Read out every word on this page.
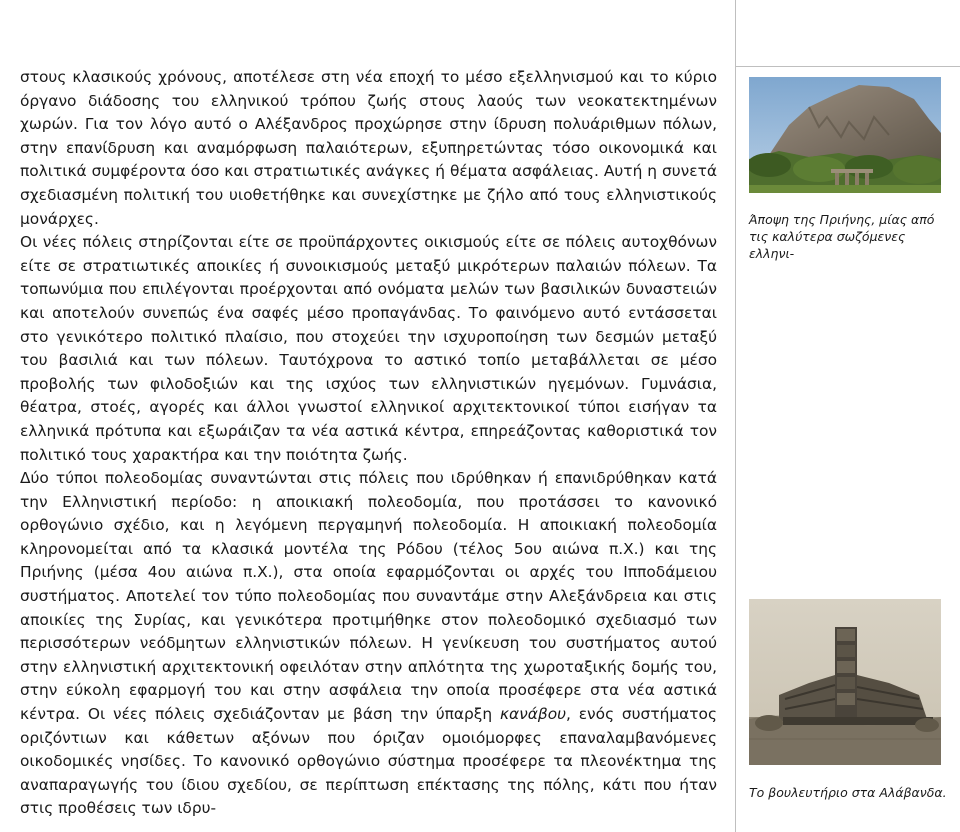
στους κλασικούς χρόνους, αποτέλεσε στη νέα εποχή το μέσο εξελληνισμού και το κύριο όργανο διάδοσης του ελληνικού τρόπου ζωής στους λαούς των νεοκατεκτημένων χωρών. Για τον λόγο αυτό ο Αλέξανδρος προχώρησε στην ίδρυση πολυάριθμων πόλων, στην επανίδρυση και αναμόρφωση παλαιότερων, εξυπηρετώντας τόσο οικονομικά και πολιτικά συμφέροντα όσο και στρατιωτικές ανάγκες ή θέματα ασφάλειας. Αυτή η συνετά σχεδιασμένη πολιτική του υιοθετήθηκε και συνεχίστηκε με ζήλο από τους ελληνιστικούς μονάρχες.

Οι νέες πόλεις στηρίζονται είτε σε προϋπάρχοντες οικισμούς είτε σε πόλεις αυτοχθόνων είτε σε στρατιωτικές αποικίες ή συνοικισμούς μεταξύ μικρότερων παλαιών πόλεων. Τα τοπωνύμια που επιλέγονται προέρχονται από ονόματα μελών των βασιλικών δυναστειών και αποτελούν συνεπώς ένα σαφές μέσο προπαγάνδας. Το φαινόμενο αυτό εντάσσεται στο γενικότερο πολιτικό πλαίσιο, που στοχεύει την ισχυροποίηση των δεσμών μεταξύ του βασιλιά και των πόλεων. Ταυτόχρονα το αστικό τοπίο μεταβάλλεται σε μέσο προβολής των φιλοδοξιών και της ισχύος των ελληνιστικών ηγεμόνων. Γυμνάσια, θέατρα, στοές, αγορές και άλλοι γνωστοί ελληνικοί αρχιτεκτονικοί τύποι εισήγαν τα ελληνικά πρότυπα και εξωράιζαν τα νέα αστικά κέντρα, επηρεάζοντας καθοριστικά τον πολιτικό τους χαρακτήρα και την ποιότητα ζωής.

Δύο τύποι πολεοδομίας συναντώνται στις πόλεις που ιδρύθηκαν ή επανιδρύθηκαν κατά την Ελληνιστική περίοδο: η αποικιακή πολεοδομία, που προτάσσει το κανονικό ορθογώνιο σχέδιο, και η λεγόμενη περγαμηνή πολεοδομία. Η αποικιακή πολεοδομία κληρονομείται από τα κλασικά μοντέλα της Ρόδου (τέλος 5ου αιώνα π.Χ.) και της Πριήνης (μέσα 4ου αιώνα π.Χ.), στα οποία εφαρμόζονται οι αρχές του Ιπποδάμειου συστήματος. Αποτελεί τον τύπο πολεοδομίας που συναντάμε στην Αλεξάνδρεια και στις αποικίες της Συρίας, και γενικότερα προτιμήθηκε στον πολεοδομικό σχεδιασμό των περισσότερων νεόδμητων ελληνιστικών πόλεων. Η γενίκευση του συστήματος αυτού στην ελληνιστική αρχιτεκτονική οφειλόταν στην απλότητα της χωροταξικής δομής του, στην εύκολη εφαρμογή του και στην ασφάλεια την οποία προσέφερε στα νέα αστικά κέντρα. Οι νέες πόλεις σχεδιάζονταν με βάση την ύπαρξη κανάβου, ενός συστήματος οριζόντιων και κάθετων αξόνων που όριζαν ομοιόμορφες επαναλαμβανόμενες οικοδομικές νησίδες. Το κανονικό ορθογώνιο σύστημα προσέφερε τα πλεονέκτημα της αναπαραγωγής του ίδιου σχεδίου, σε περίπτωση επέκτασης της πόλης, κάτι που ήταν στις προθέσεις των ιδρυ-

Άποψη της Πριήνης, μίας από τις καλύτερα σωζόμενες ελληνι-
Το βουλευτήριο στα Αλάβανδα.
